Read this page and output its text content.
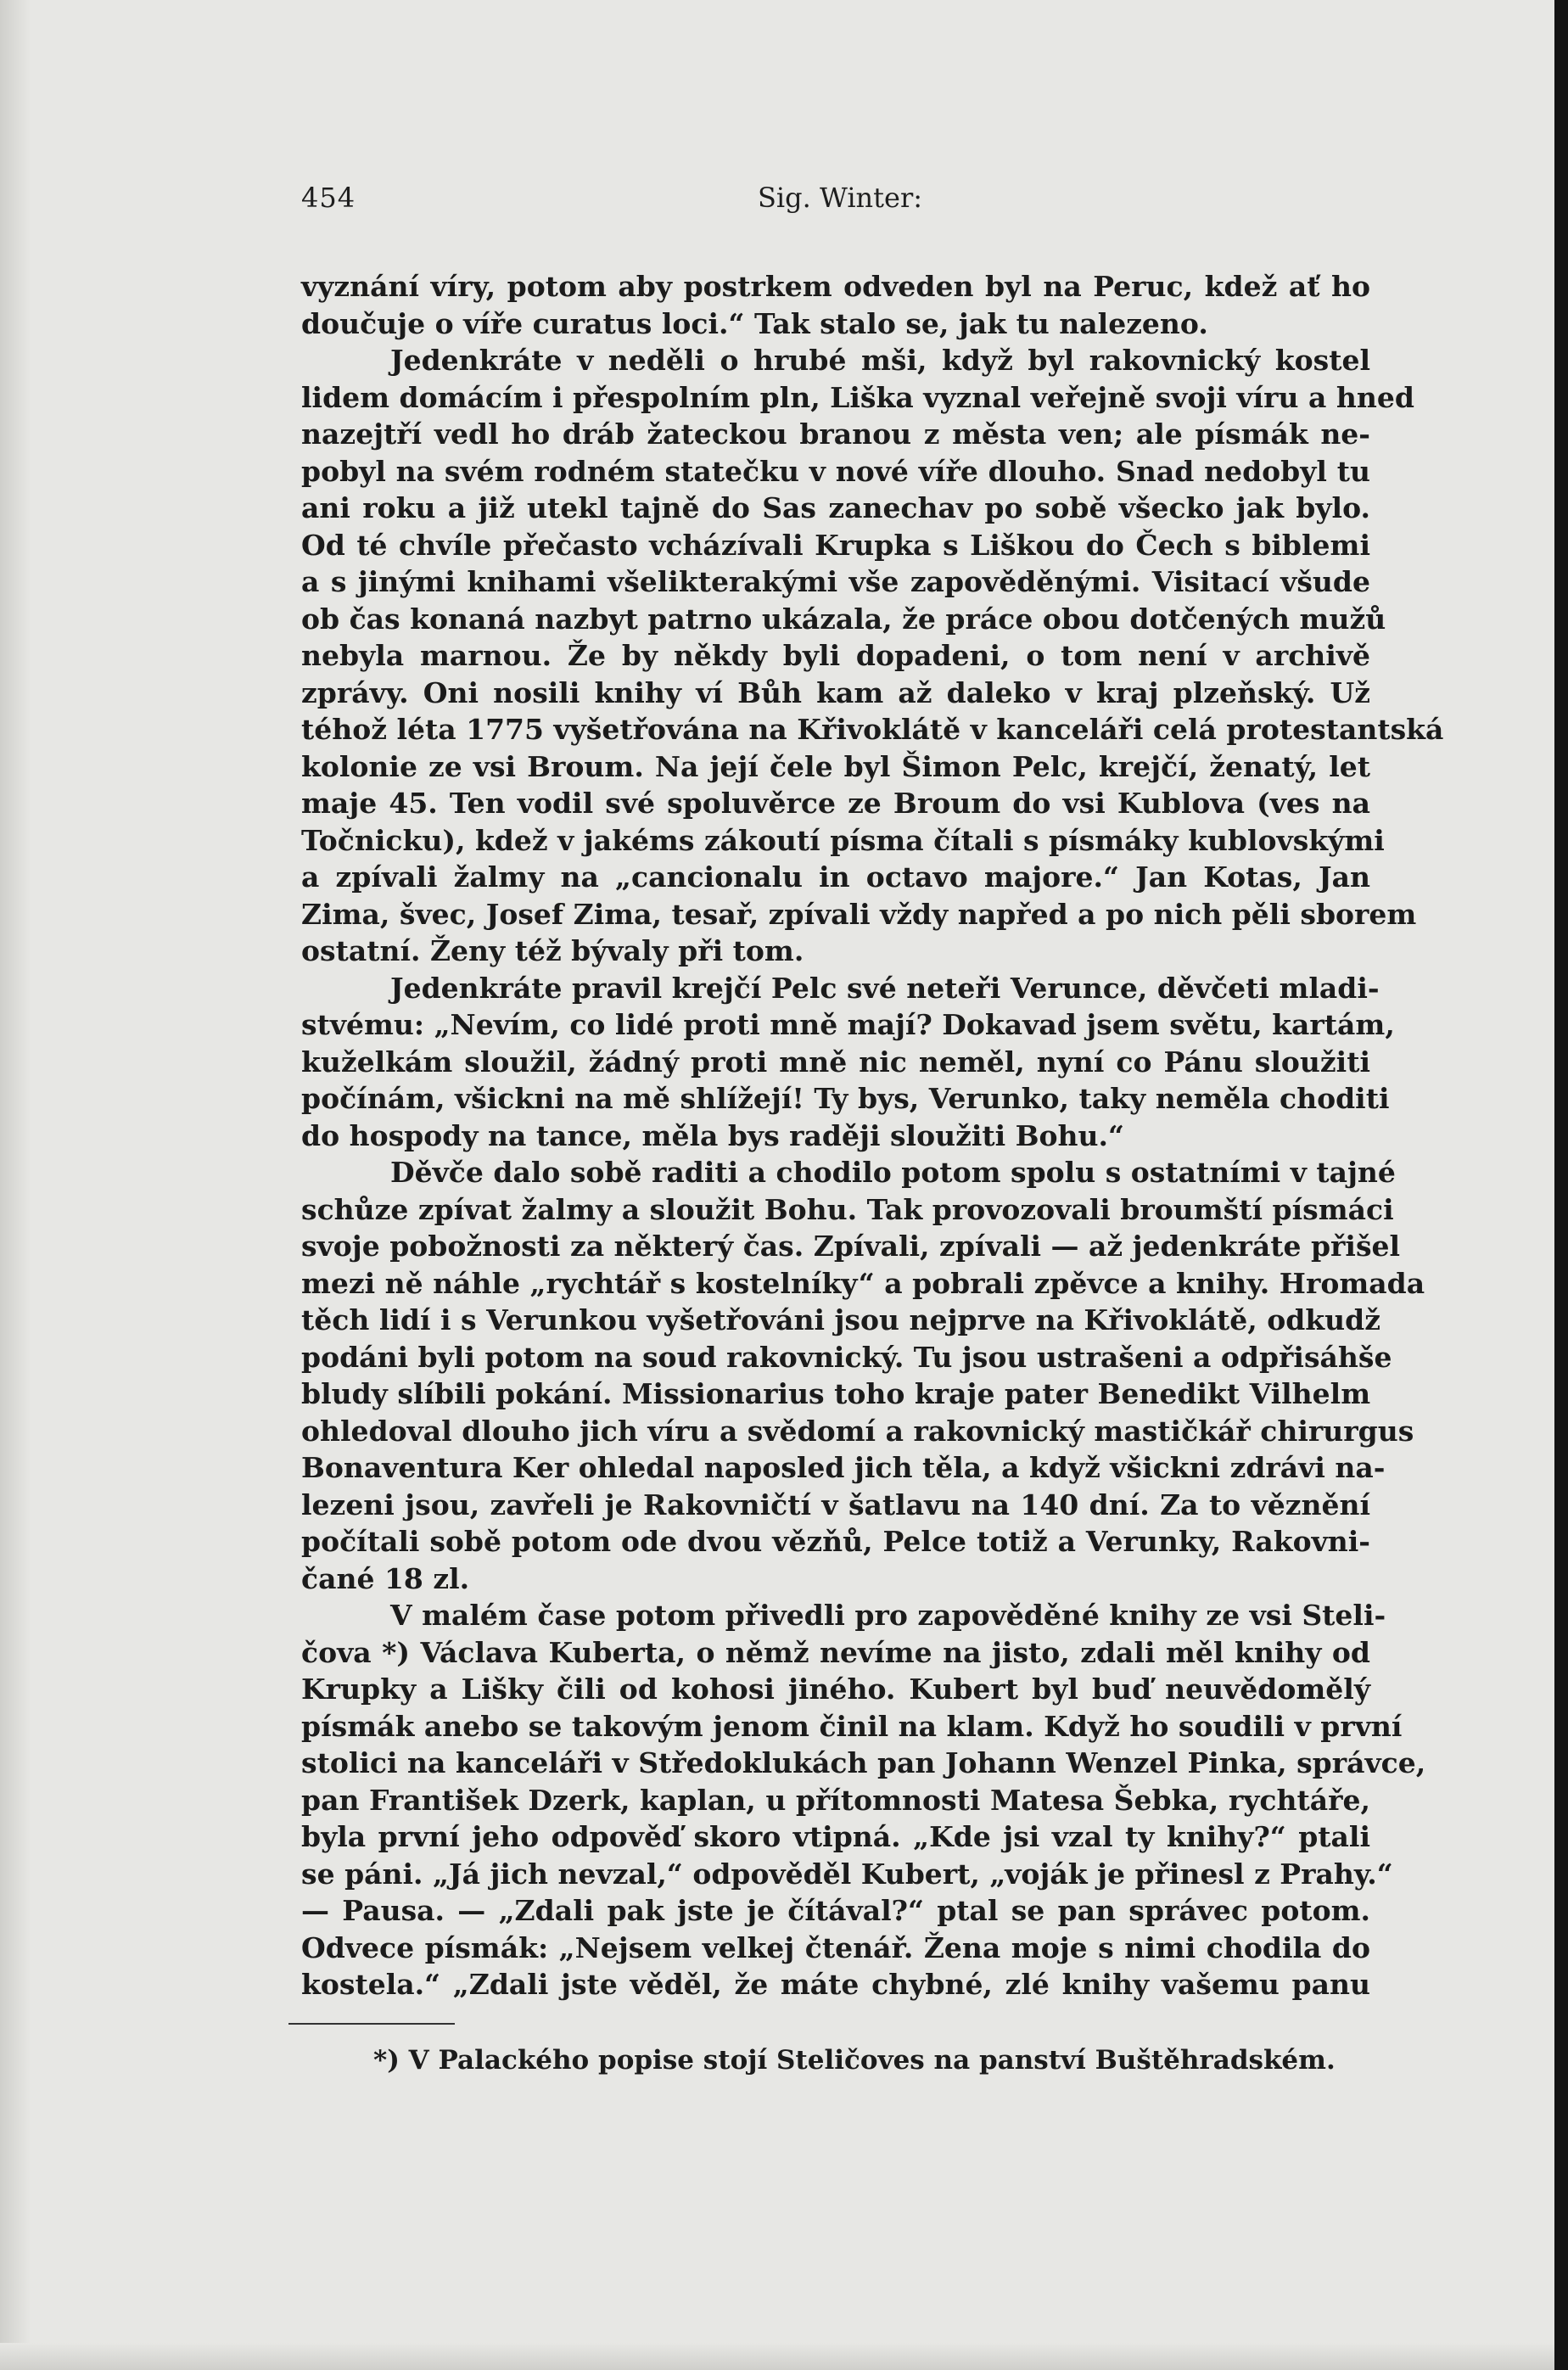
454	Sig. Winter:
vyznání víry, potom aby postrkem odveden byl na Peruc, kdež ať ho
doučuje o víře curatus loci.“ Tak stalo se, jak tu nalezeno.
Jedenkráte v neděli o hrubé mši, když byl rakovnický kostel
lidem domácím i přespolním pln, Liška vyznal veřejně svoji víru a hned
nazejtří vedl ho dráb žateckou branou z města ven; ale písmák ne-
pobyl na svém rodném statečku v nové víře dlouho. Snad nedobyl tu
ani roku a již utekl tajně do Sas zanechav po sobě všecko jak bylo.
Od té chvíle přečasto vcházívali Krupka s Liškou do Čech s biblemi
a s jinými knihami všelikterakými vše zapověděnými. Visitací všude
ob čas konaná nazbyt patrno ukázala, že práce obou dotčených mužů
nebyla marnou. Že by někdy byli dopadeni, o tom není v archivě
zprávy. Oni nosili knihy ví Bůh kam až daleko v kraj plzeňský. Už
téhož léta 1775 vyšetřována na Křivoklátě v kanceláři celá protestantská
kolonie ze vsi Broum. Na její čele byl Šimon Pelc, krejčí, ženatý, let
maje 45. Ten vodil své spoluvěrce ze Broum do vsi Kublova (ves na
Točnicku), kdež v jakéms zákoutí písma čítali s písmáky kublovskými
a zpívali žalmy na „cancionalu in octavo majore.“ Jan Kotas, Jan
Zima, švec, Josef Zima, tesař, zpívali vždy napřed a po nich pěli sborem
ostatní. Ženy též bývaly při tom.
Jedenkráte pravil krejčí Pelc své neteři Verunce, děvčeti mladi-
stvému: „Nevím, co lidé proti mně mají? Dokavad jsem světu, kartám,
kuželkám sloužil, žádný proti mně nic neměl, nyní co Pánu sloužiti
počínám, všickni na mě shlížejí! Ty bys, Verunko, taky neměla choditi
do hospody na tance, měla bys raději sloužiti Bohu.“
Děvče dalo sobě raditi a chodilo potom spolu s ostatními v tajné
schůze zpívat žalmy a sloužit Bohu. Tak provozovali broumští písmáci
svoje pobožnosti za některý čas. Zpívali, zpívali — až jedenkráte přišel
mezi ně náhle „rychtář s kostelníky“ a pobrali zpěvce a knihy. Hromada
těch lidí i s Verunkou vyšetřováni jsou nejprve na Křivoklátě, odkudž
podáni byli potom na soud rakovnický. Tu jsou ustrašeni a odpřisáhše
bludy slíbili pokání. Missionarius toho kraje pater Benedikt Vilhelm
ohledoval dlouho jich víru a svědomí a rakovnický mastičkář chirurgus
Bonaventura Ker ohledal naposled jich těla, a když všickni zdrávi na-
lezeni jsou, zavřeli je Rakovničtí v šatlavu na 140 dní. Za to věznění
počítali sobě potom ode dvou vězňů, Pelce totiž a Verunky, Rakovni-
čané 18 zl.
V malém čase potom přivedli pro zapověděné knihy ze vsi Steli-
čova *) Václava Kuberta, o němž nevíme na jisto, zdali měl knihy od
Krupky a Lišky čili od kohosi jiného. Kubert byl buď neuvědomělý
písmák anebo se takovým jenom činil na klam. Když ho soudili v první
stolici na kanceláři v Středoklukách pan Johann Wenzel Pinka, správce,
pan František Dzerk, kaplan, u přítomnosti Matesa Šebka, rychtáře,
byla první jeho odpověď skoro vtipná. „Kde jsi vzal ty knihy?“ ptali
se páni. „Já jich nevzal,“ odpověděl Kubert, „voják je přinesl z Prahy.“
— Pausa. — „Zdali pak jste je čítával?“ ptal se pan správec potom.
Odvece písmák: „Nejsem velkej čtenář. Žena moje s nimi chodila do
kostela.“ „Zdali jste věděl, že máte chybné, zlé knihy vašemu panu
*) V Palackého popise stojí Steličoves na panství Buštěhradském.
